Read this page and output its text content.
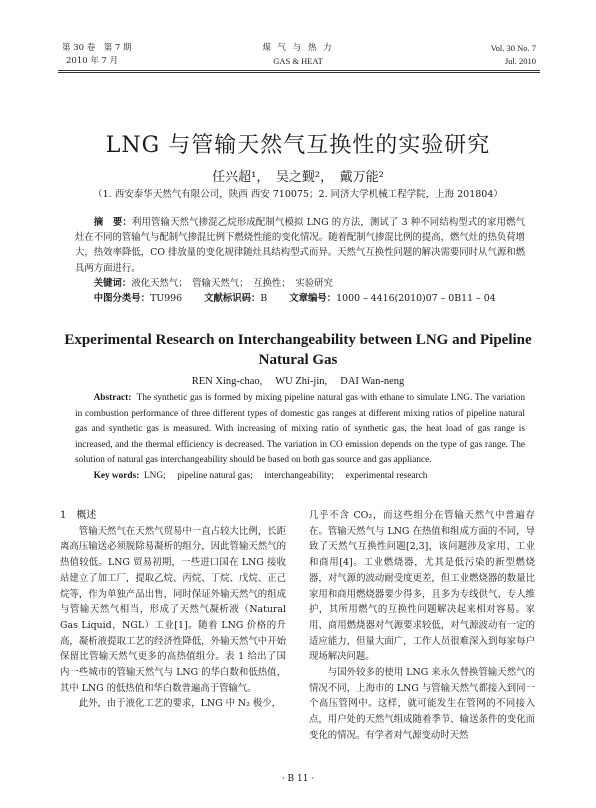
第 30 卷　第 7 期
2010 年 7 月
煤 气 与 热 力
GAS & HEAT
Vol. 30 No. 7
Jul. 2010
LNG 与管输天然气互换性的实验研究
任兴超¹，　吴之觐²，　戴万能²
（1. 西安泰华天然气有限公司，陕西 西安 710075；2. 同济大学机械工程学院，上海 201804）
摘　要：利用管输天然气掺混乙烷形成配制气模拟 LNG 的方法，测试了 3 种不同结构型式的家用燃气灶在不同的管输气与配制气掺混比例下燃烧性能的变化情况。随着配制气掺混比例的提高，燃气灶的热负荷增大，热效率降低，CO 排放量的变化规律随灶具结构型式而异。天然气互换性问题的解决需要同时从气源和燃具两方面进行。
关键词：液化天然气；　管输天然气；　互换性；　实验研究
中图分类号：TU996 文献标识码：B 文章编号：1000 – 4416(2010)07 – 0B11 – 04
Experimental Research on Interchangeability between LNG and Pipeline Natural Gas
REN Xing-chao,　 WU Zhi-jin,　 DAI Wan-neng
Abstract: The synthetic gas is formed by mixing pipeline natural gas with ethane to simulate LNG. The variation in combustion performance of three different types of domestic gas ranges at different mixing ratios of pipeline natural gas and synthetic gas is measured. With increasing of mixing ratio of synthetic gas, the heat load of gas range is increased, and the thermal efficiency is decreased. The variation in CO emission depends on the type of gas range. The solution of natural gas interchangeability should be based on both gas source and gas appliance.
Key words: LNG;　 pipeline natural gas;　 interchangeability;　 experimental research
1　概述

管输天然气在天然气贸易中一直占较大比例，长距离高压输送必须脱除易凝析的组分，因此管输天然气的热值较低。LNG 贸易初期，一些进口国在 LNG 接收站建立了加工厂，提取乙烷、丙烷、丁烷、戊烷、正己烷等，作为单独产品出售，同时保证外输天然气的组成与管输天然气相当，形成了天然气凝析液（Natural Gas Liquid，NGL）工业[1]。随着 LNG 价格的升高，凝析液提取工艺的经济性降低，外输天然气中开始保留比管输天然气更多的高热值组分。表 1 给出了国内一些城市的管输天然气与 LNG 的华白数和低热值，其中 LNG 的低热值和华白数普遍高于管输气。

此外，由于液化工艺的要求，LNG 中 N₂ 极少，

几乎不含 CO₂，而这些组分在管输天然气中普遍存在。管输天然气与 LNG 在热值和组成方面的不同，导致了天然气互换性问题[2,3]，该问题涉及家用、工业和商用[4]。工业燃烧器，尤其是低污染的新型燃烧器，对气源的波动耐受度更差，但工业燃烧器的数量比家用和商用燃烧器要少得多，且多为专线供气、专人维护，其所用燃气的互换性问题解决起来相对容易。家用、商用燃烧器对气源要求较低，对气源波动有一定的适应能力，但量大面广，工作人员很难深入到每家每户现场解决问题。

与国外较多的使用 LNG 来永久替换管输天然气的情况不同，上海市的 LNG 与管输天然气都接入到同一个高压管网中。这样，就可能发生在管网的不同接入点，用户处的天然气组成随着季节、输送条件的变化而变化的情况。有学者对气源变动时天然

· B 11 ·
